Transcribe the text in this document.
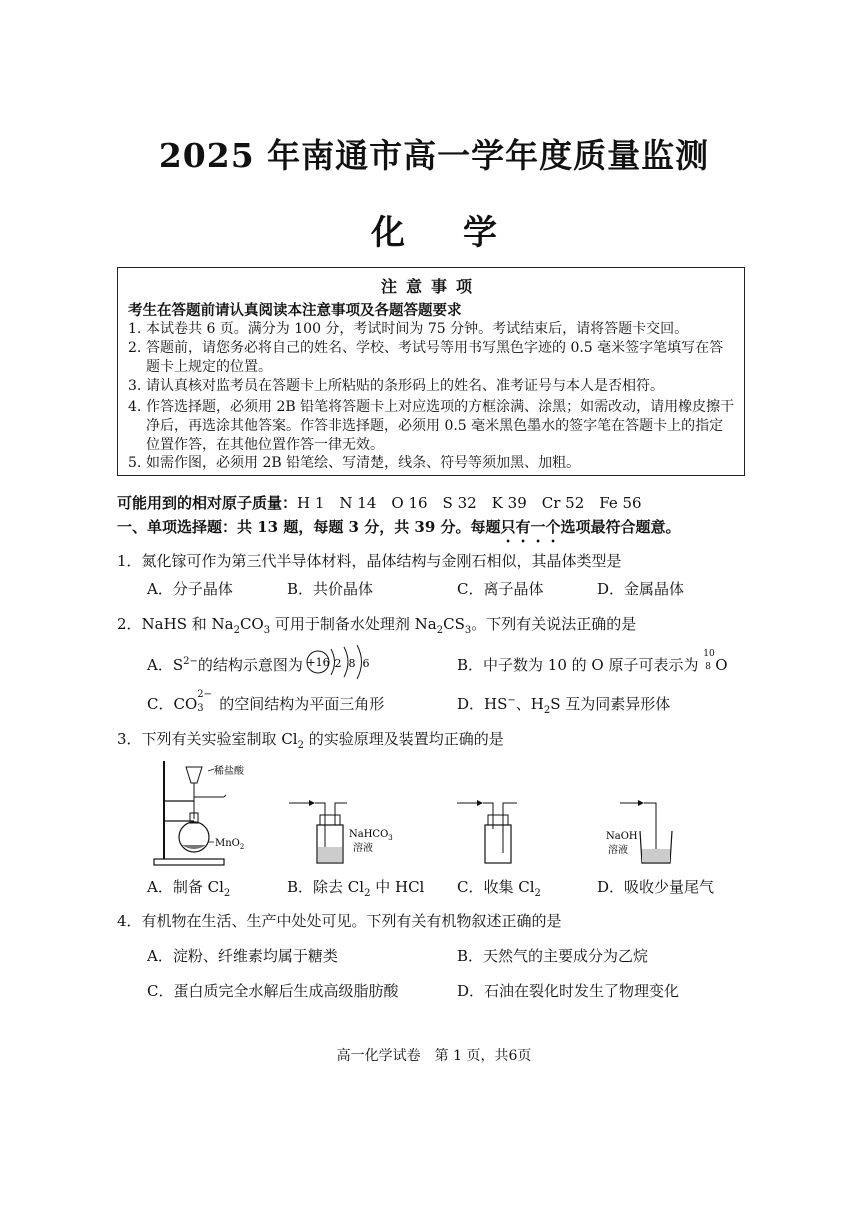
2025 年南通市高一学年度质量监测
化学
注意事项
考生在答题前请认真阅读本注意事项及各题答题要求
1. 本试卷共 6 页。满分为 100 分，考试时间为 75 分钟。考试结束后，请将答题卡交回。
2. 答题前，请您务必将自己的姓名、学校、考试号等用书写黑色字迹的 0.5 毫米签字笔填写在答题卡上规定的位置。
3. 请认真核对监考员在答题卡上所粘贴的条形码上的姓名、准考证号与本人是否相符。
4. 作答选择题，必须用 2B 铅笔将答题卡上对应选项的方框涂满、涂黑；如需改动，请用橡皮擦干净后，再选涂其他答案。作答非选择题，必须用 0.5 毫米黑色墨水的签字笔在答题卡上的指定位置作答，在其他位置作答一律无效。
5. 如需作图，必须用 2B 铅笔绘、写清楚，线条、符号等须加黑、加粗。
可能用到的相对原子质量：H 1　N 14　O 16　S 32　K 39　Cr 52　Fe 56
一、单项选择题：共 13 题，每题 3 分，共 39 分。每题只有一个选项最符合题意。
1．氮化镓可作为第三代半导体材料，晶体结构与金刚石相似，其晶体类型是
A．分子晶体	B．共价晶体	C．离子晶体	D．金属晶体
2．NaHS 和 $Na_2CO_3$ 可用于制备水处理剂 $Na_2CS_3$。下列有关说法正确的是
A．$S^{2-}$的结构示意图为 +16 2 8 6	B．中子数为 10 的 O 原子可表示为
10
8 O
C．CO
2−
3 的空间结构为平面三角形	D．HS−、$H_2S$ 互为同素异形体
3．下列有关实验室制取 $Cl_2$ 的实验原理及装置均正确的是
稀盐酸
MnO$_2$
NaHCO$_3$
溶液
NaOH
溶液
A．制备 $Cl_2$	B．除去 $Cl_2$ 中 HCl C．收集 $Cl_2$	D．吸收少量尾气
4．有机物在生活、生产中处处可见。下列有关有机物叙述正确的是
A．淀粉、纤维素均属于糖类	B．天然气的主要成分为乙烷
C．蛋白质完全水解后生成高级脂肪酸	D．石油在裂化时发生了物理变化
高一化学试卷　第 1 页，共6页
